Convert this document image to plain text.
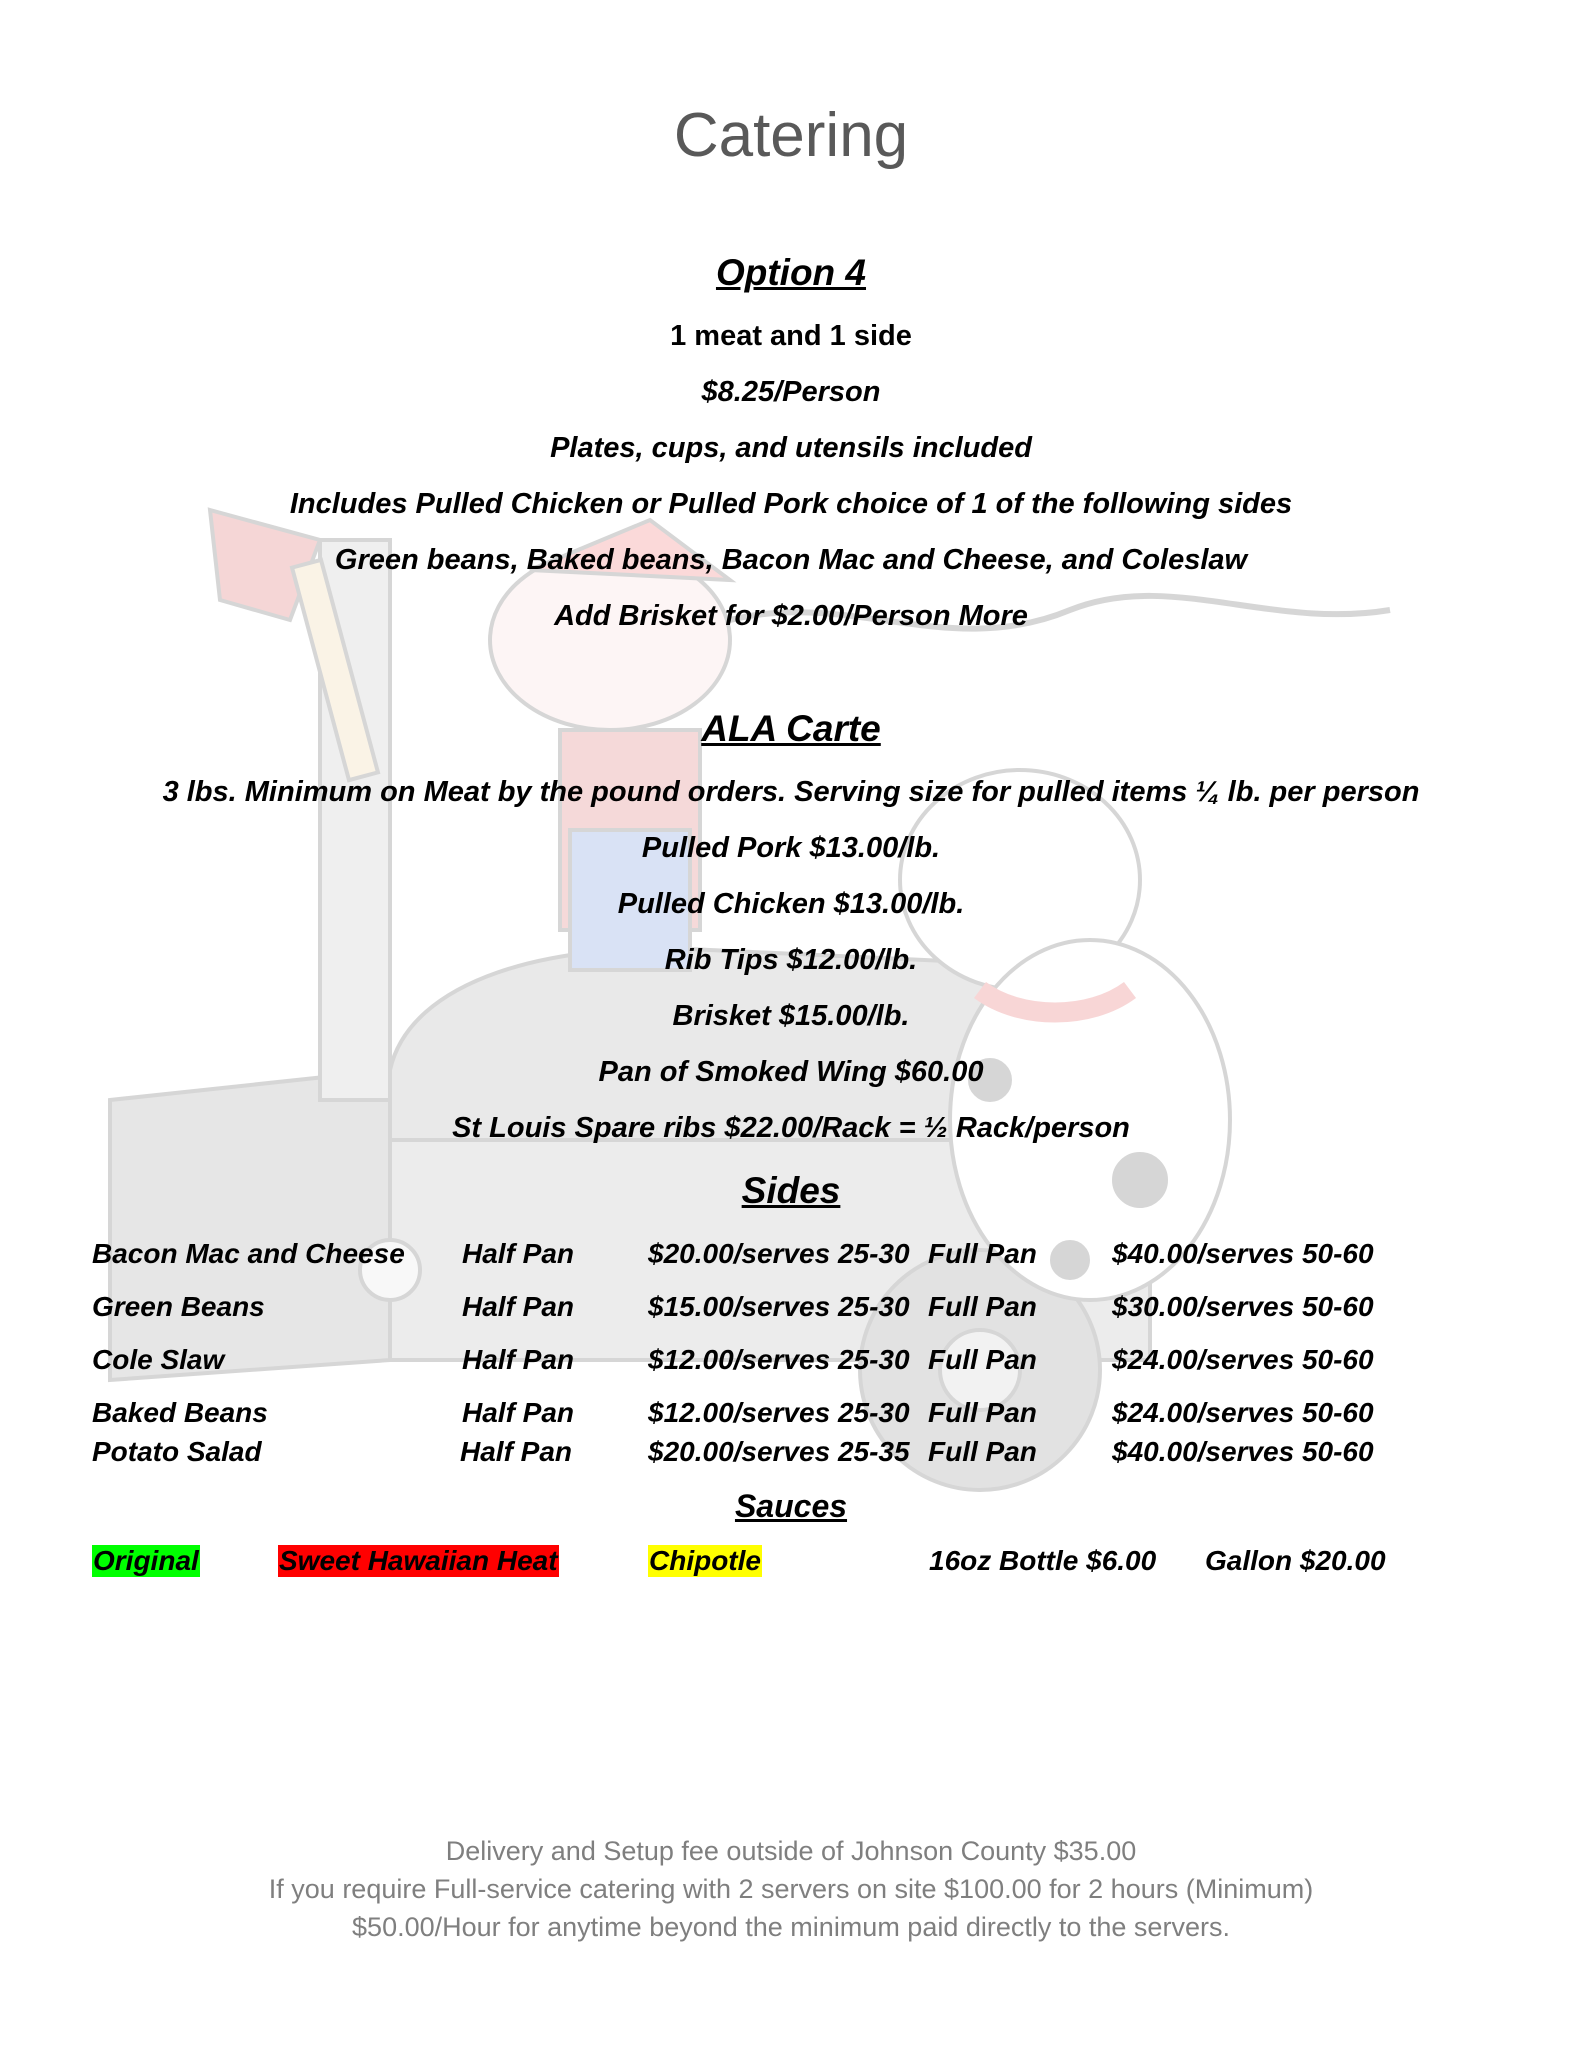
Catering
Option 4
1 meat and 1 side
$8.25/Person
Plates, cups, and utensils included
Includes Pulled Chicken or Pulled Pork choice of 1 of the following sides
Green beans, Baked beans, Bacon Mac and Cheese, and Coleslaw
Add Brisket for $2.00/Person More
ALA Carte
3 lbs. Minimum on Meat by the pound orders. Serving size for pulled items ¼ lb. per person
Pulled Pork $13.00/lb.
Pulled Chicken $13.00/lb.
Rib Tips $12.00/lb.
Brisket $15.00/lb.
Pan of Smoked Wing $60.00
St Louis Spare ribs $22.00/Rack = ½ Rack/person
Sides
Bacon Mac and Cheese Half Pan	$20.00/serves 25-30 Full Pan	$40.00/serves 50-60
Green Beans	Half Pan	$15.00/serves 25-30 Full Pan	$30.00/serves 50-60
Cole Slaw	Half Pan	$12.00/serves 25-30 Full Pan	$24.00/serves 50-60
Baked Beans	Half Pan	$12.00/serves 25-30 Full Pan	$24.00/serves 50-60
Potato Salad	Half Pan	$20.00/serves 25-35 Full Pan	$40.00/serves 50-60
Sauces
Original	Sweet Hawaiian Heat	Chipotle	16oz Bottle $6.00 Gallon $20.00
Delivery and Setup fee outside of Johnson County $35.00
If you require Full-service catering with 2 servers on site $100.00 for 2 hours (Minimum)
$50.00/Hour for anytime beyond the minimum paid directly to the servers.
